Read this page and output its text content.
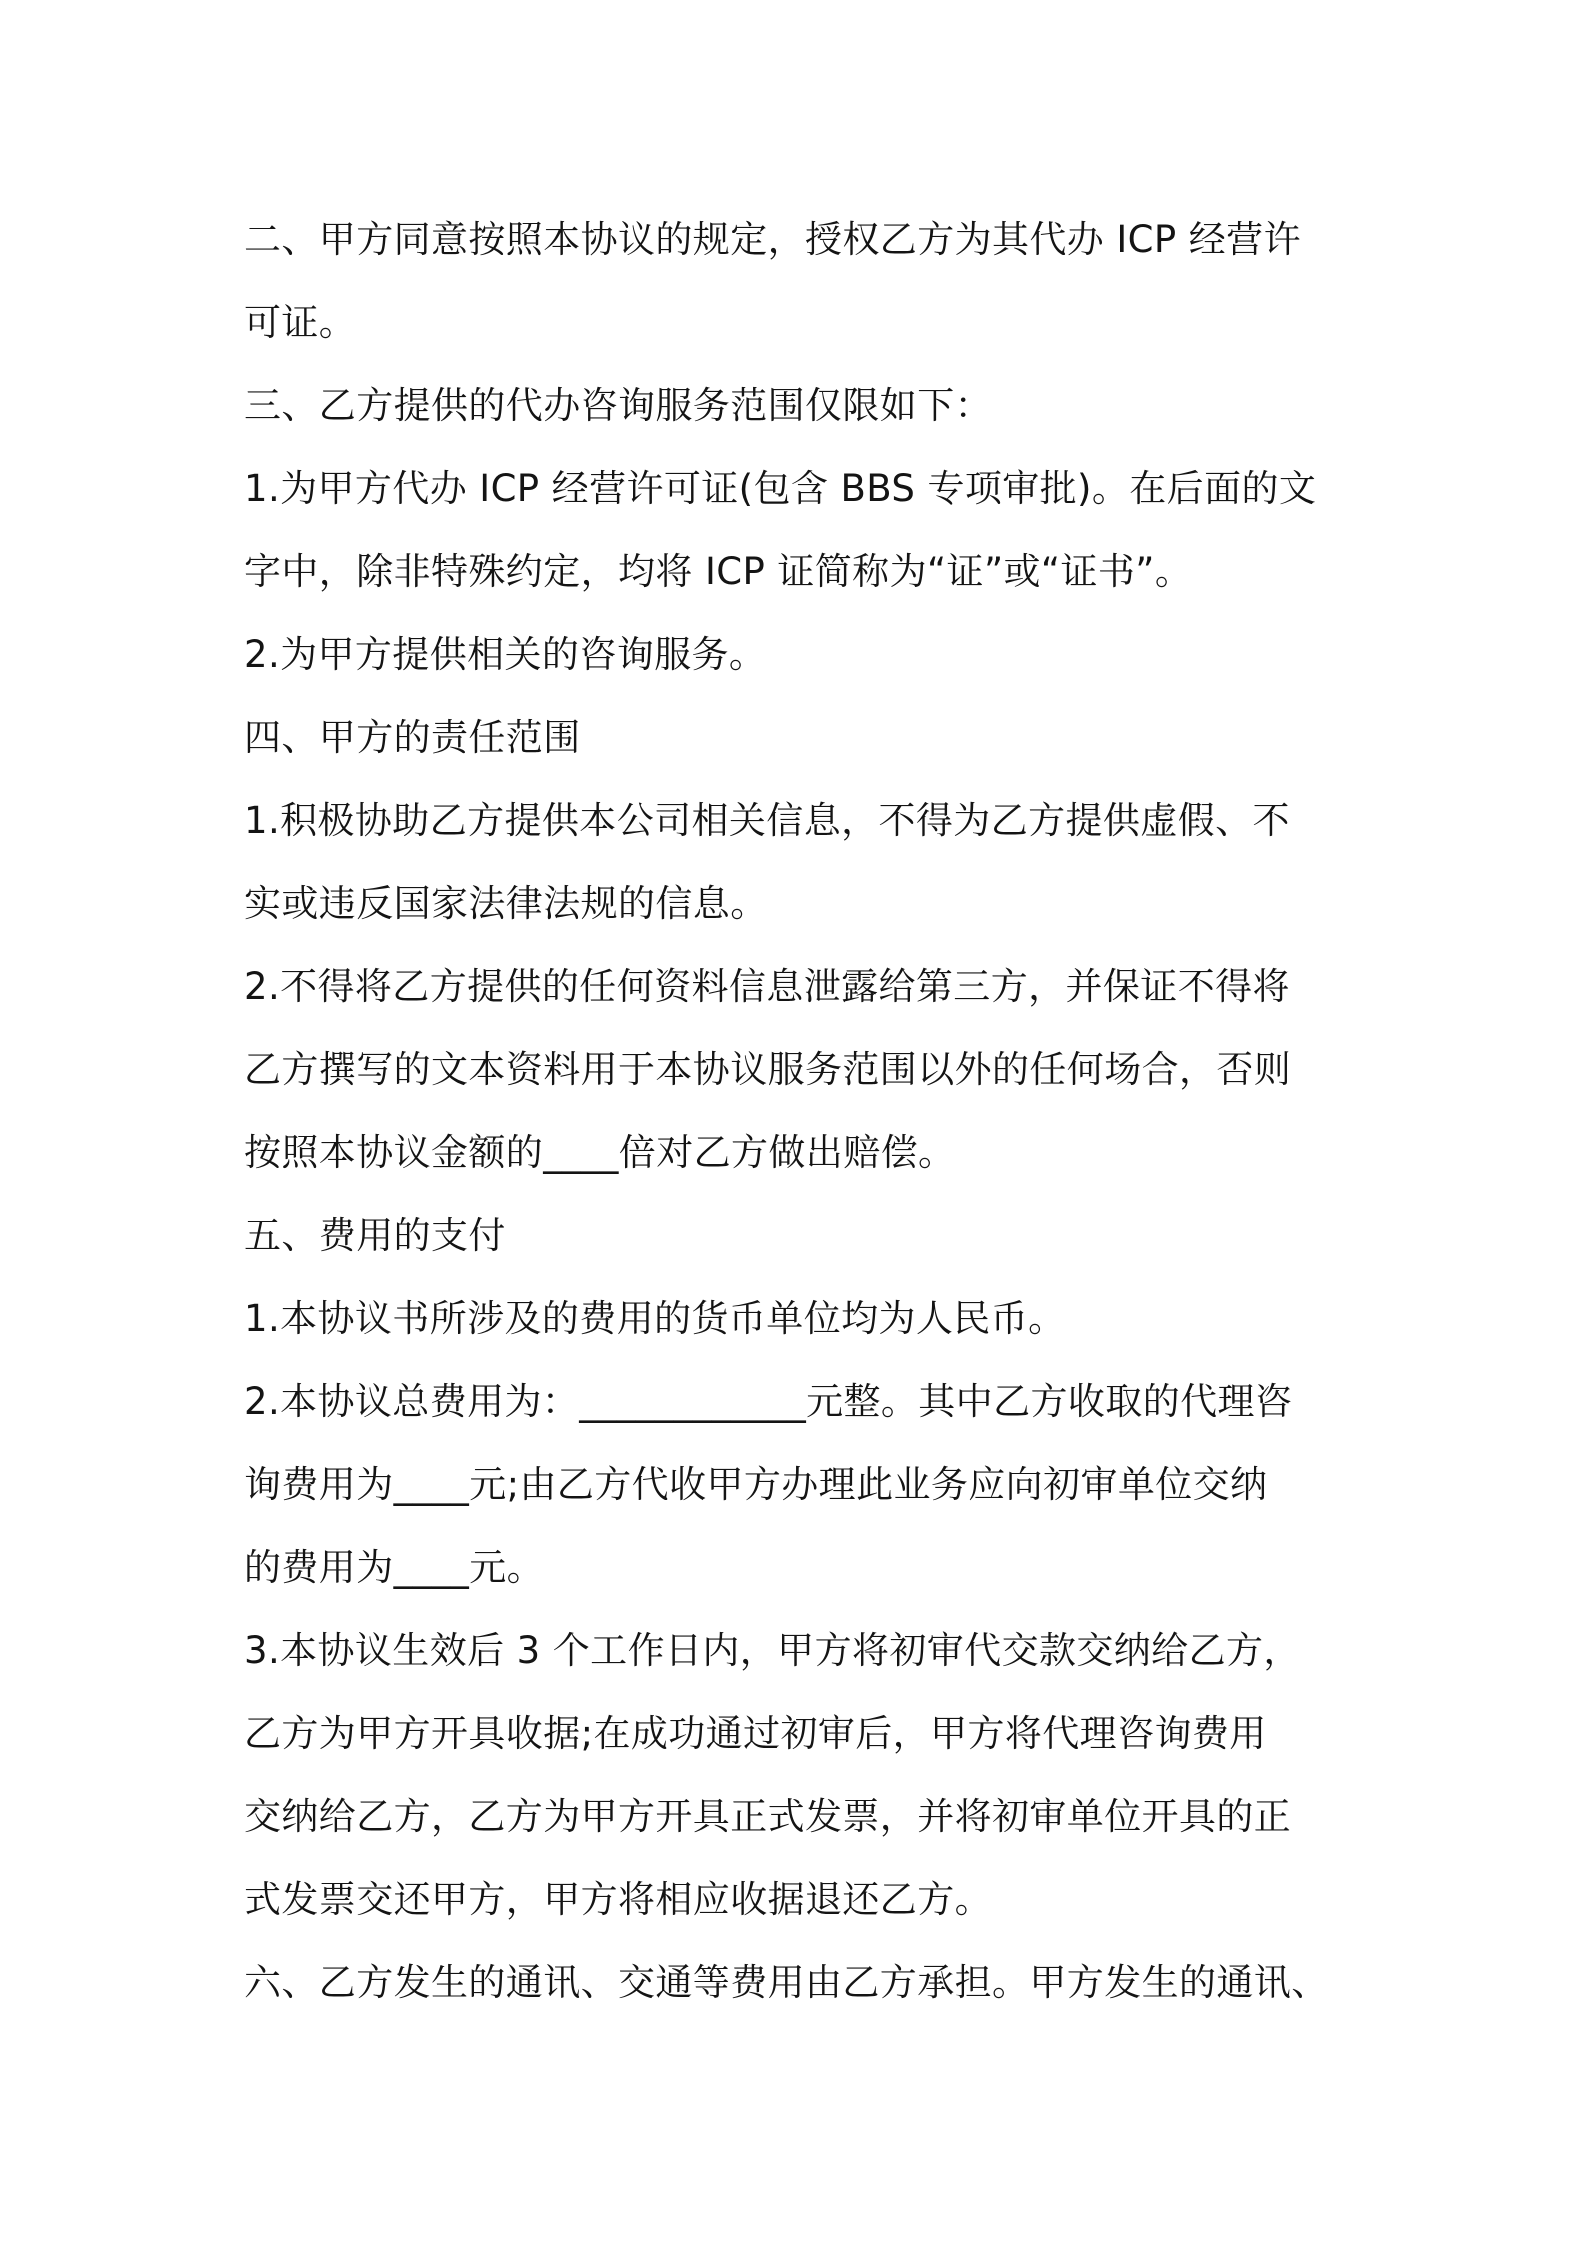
二、甲方同意按照本协议的规定，授权乙方为其代办 ICP 经营许
可证。
三、乙方提供的代办咨询服务范围仅限如下：
1.为甲方代办 ICP 经营许可证(包含 BBS 专项审批)。在后面的文
字中，除非特殊约定，均将 ICP 证简称为“证”或“证书”。
2.为甲方提供相关的咨询服务。
四、甲方的责任范围
1.积极协助乙方提供本公司相关信息，不得为乙方提供虚假、不
实或违反国家法律法规的信息。
2.不得将乙方提供的任何资料信息泄露给第三方，并保证不得将
乙方撰写的文本资料用于本协议服务范围以外的任何场合，否则
按照本协议金额的____倍对乙方做出赔偿。
五、费用的支付
1.本协议书所涉及的费用的货币单位均为人民币。
2.本协议总费用为：____________元整。其中乙方收取的代理咨
询费用为____元;由乙方代收甲方办理此业务应向初审单位交纳
的费用为____元。
3.本协议生效后 3 个工作日内，甲方将初审代交款交纳给乙方，
乙方为甲方开具收据;在成功通过初审后，甲方将代理咨询费用
交纳给乙方，乙方为甲方开具正式发票，并将初审单位开具的正
式发票交还甲方，甲方将相应收据退还乙方。
六、乙方发生的通讯、交通等费用由乙方承担。甲方发生的通讯、
